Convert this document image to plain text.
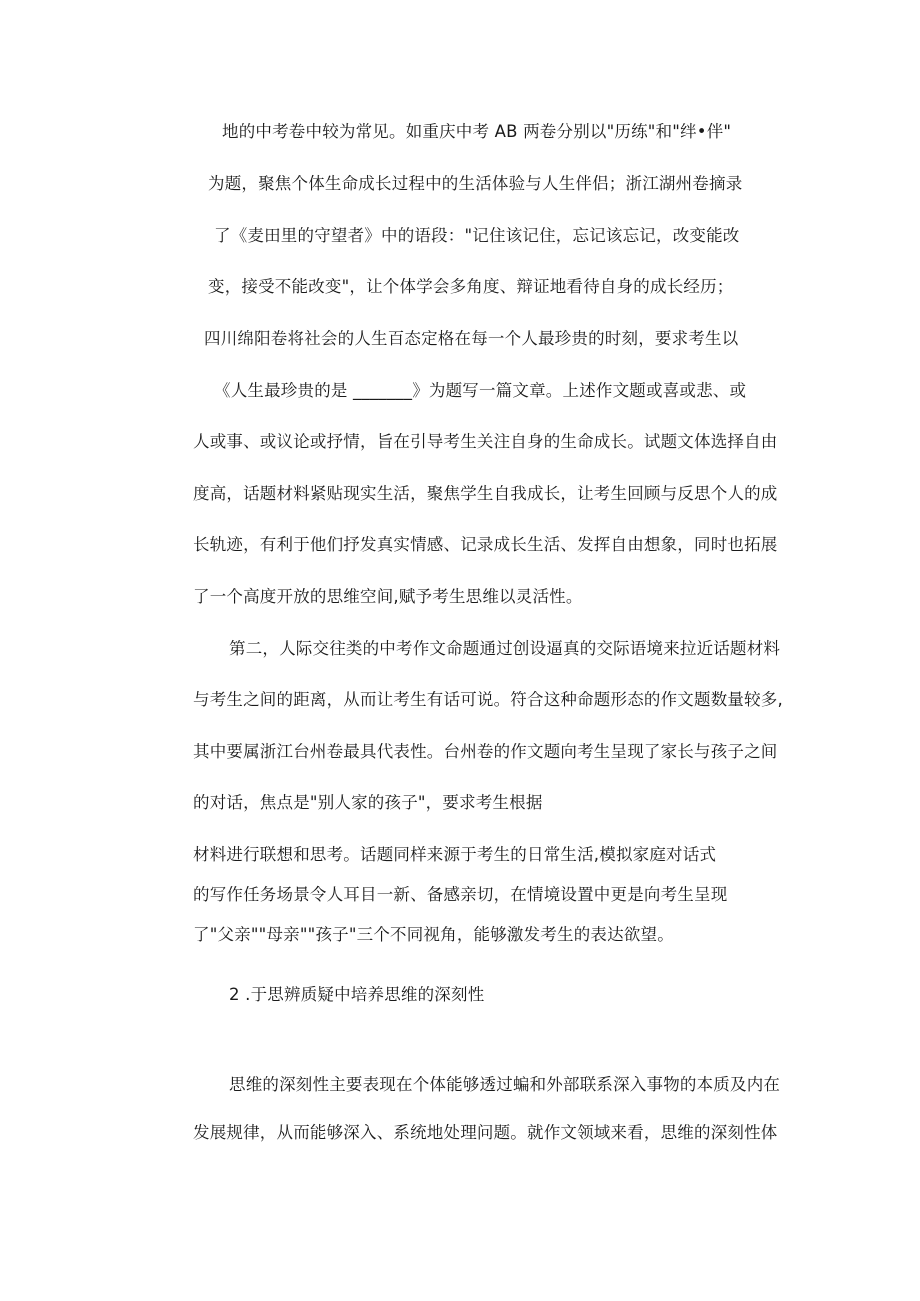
地的中考卷中较为常见。如重庆中考 AB 两卷分别以"历练"和"绊•伴"
为题，聚焦个体生命成长过程中的生活体验与人生伴侣；浙江湖州卷摘录
了《麦田里的守望者》中的语段："记住该记住，忘记该忘记，改变能改
变，接受不能改变"，让个体学会多角度、辩证地看待自身的成长经历；
四川绵阳卷将社会的人生百态定格在每一个人最珍贵的时刻，要求考生以
《人生最珍贵的是 _______》为题写一篇文章。上述作文题或喜或悲、或
人或事、或议论或抒情，旨在引导考生关注自身的生命成长。试题文体选择自由
度高，话题材料紧贴现实生活，聚焦学生自我成长，让考生回顾与反思个人的成
长轨迹，有利于他们抒发真实情感、记录成长生活、发挥自由想象，同时也拓展
了一个高度开放的思维空间,赋予考生思维以灵活性。
第二，人际交往类的中考作文命题通过创设逼真的交际语境来拉近话题材料
与考生之间的距离，从而让考生有话可说。符合这种命题形态的作文题数量较多,
其中要属浙江台州卷最具代表性。台州卷的作文题向考生呈现了家长与孩子之间
的对话，焦点是"别人家的孩子"，要求考生根据
材料进行联想和思考。话题同样来源于考生的日常生活,模拟家庭对话式
的写作任务场景令人耳目一新、备感亲切，在情境设置中更是向考生呈现
了"父亲""母亲""孩子"三个不同视角，能够激发考生的表达欲望。
2 .于思辨质疑中培养思维的深刻性
思维的深刻性主要表现在个体能够透过蝙和外部联系深入事物的本质及内在
发展规律，从而能够深入、系统地处理问题。就作文领域来看，思维的深刻性体
